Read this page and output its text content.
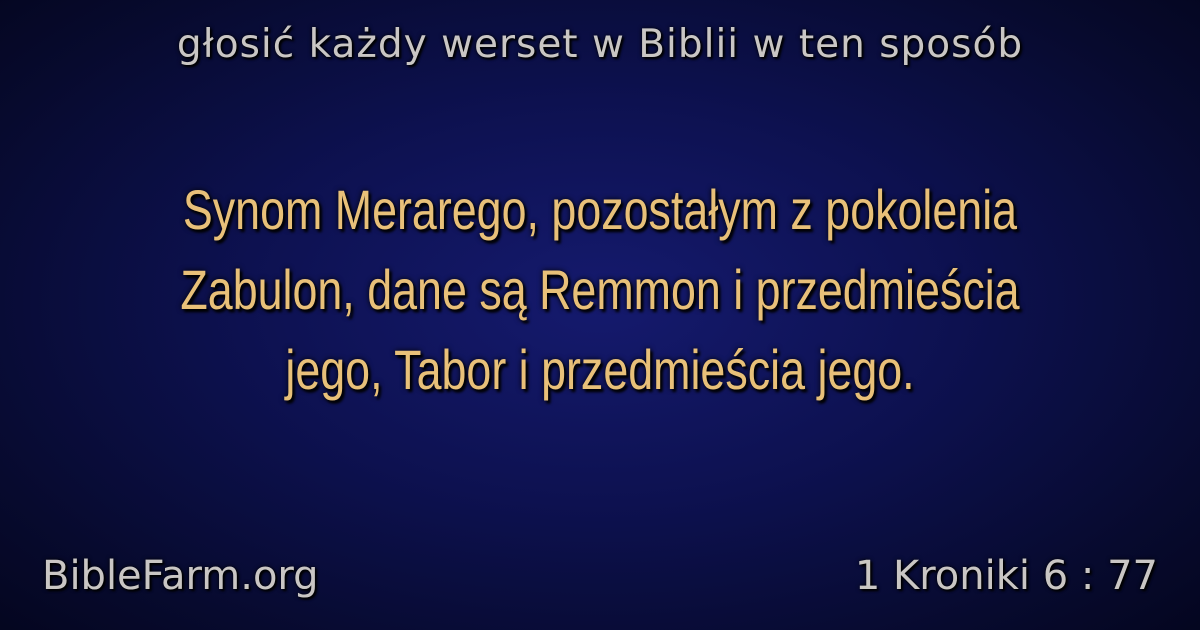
głosić każdy werset w Biblii w ten sposób
Synom Merarego, pozostałym z pokolenia
Zabulon, dane są Remmon i przedmieścia
jego, Tabor i przedmieścia jego.
BibleFarm.org	1 Kroniki 6 : 77
